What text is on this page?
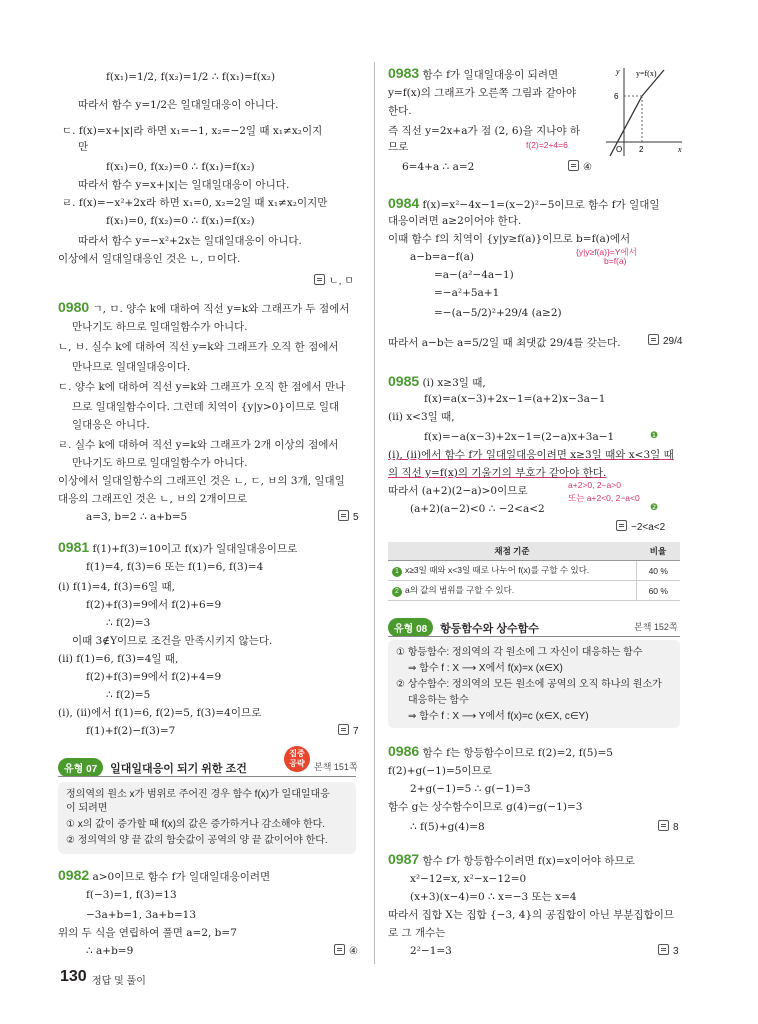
f(x₁)=1/2, f(x₂)=1/2 ∴ f(x₁)=f(x₂)
따라서 함수 y=1/2은 일대일대응이 아니다.
ㄷ. f(x)=x+|x|라 하면 x₁=−1, x₂=−2일 때 x₁≠x₂이지
만
f(x₁)=0, f(x₂)=0 ∴ f(x₁)=f(x₂)
따라서 함수 y=x+|x|는 일대일대응이 아니다.
ㄹ. f(x)=−x²+2x라 하면 x₁=0, x₂=2일 때 x₁≠x₂이지만
f(x₁)=0, f(x₂)=0 ∴ f(x₁)=f(x₂)
따라서 함수 y=−x²+2x는 일대일대응이 아니다.
이상에서 일대일대응인 것은 ㄴ, ㅁ이다.
ㄴ, ㅁ
0980 ㄱ, ㅁ. 양수 k에 대하여 직선 y=k와 그래프가 두 점에서
만나기도 하므로 일대일함수가 아니다.
ㄴ, ㅂ. 실수 k에 대하여 직선 y=k와 그래프가 오직 한 점에서
만나므로 일대일대응이다.
ㄷ. 양수 k에 대하여 직선 y=k와 그래프가 오직 한 점에서 만나
므로 일대일함수이다. 그런데 치역이 {y|y>0}이므로 일대
일대응은 아니다.
ㄹ. 실수 k에 대하여 직선 y=k와 그래프가 2개 이상의 점에서
만나기도 하므로 일대일함수가 아니다.
이상에서 일대일함수의 그래프인 것은 ㄴ, ㄷ, ㅂ의 3개, 일대일
대응의 그래프인 것은 ㄴ, ㅂ의 2개이므로
a=3, b=2 ∴ a+b=5	5
0981 f(1)+f(3)=10이고 f(x)가 일대일대응이므로
f(1)=4, f(3)=6 또는 f(1)=6, f(3)=4
(i) f(1)=4, f(3)=6일 때,
f(2)+f(3)=9에서 f(2)+6=9
∴ f(2)=3
이때 3∉Y이므로 조건을 만족시키지 않는다.
(ii) f(1)=6, f(3)=4일 때,
f(2)+f(3)=9에서 f(2)+4=9
∴ f(2)=5
(i), (ii)에서 f(1)=6, f(2)=5, f(3)=4이므로
f(1)+f(2)−f(3)=7	7
유형 07 일대일대응이 되기 위한 조건
집중
공략	본책 151쪽
정의역의 원소 x가 범위로 주어진 경우 함수 f(x)가 일대일대응
이 되려면
① x의 값이 증가할 때 f(x)의 값은 증가하거나 감소해야 한다.
② 정의역의 양 끝 값의 함숫값이 공역의 양 끝 값이어야 한다.
0982 a>0이므로 함수 f가 일대일대응이려면
f(−3)=1, f(3)=13
−3a+b=1, 3a+b=13
위의 두 식을 연립하여 풀면 a=2, b=7
∴ a+b=9	④
0983 함수 f가 일대일대응이 되려면
y=f(x)의 그래프가 오른쪽 그림과 같아야
한다.
즉 직선 y=2x+a가 점 (2, 6)을 지나야 하
므로	f(2)=2+4=6
6=4+a ∴ a=2	④
y
x
O 2
6
y=f(x)
0984 f(x)=x²−4x−1=(x−2)²−5이므로 함수 f가 일대일
대응이려면 a≥2이어야 한다.
이때 함수 f의 치역이 {y|y≥f(a)}이므로 b=f(a)에서
{y|y≥f(a)}=Y에서
b=f(a)
a−b=a−f(a)
=a−(a²−4a−1)
=−a²+5a+1
=−(a−5/2)²+29/4 (a≥2)
따라서 a−b는 a=5/2일 때 최댓값 29/4를 갖는다.	29/4
0985 (i) x≥3일 때,
f(x)=a(x−3)+2x−1=(a+2)x−3a−1
(ii) x<3일 때,
f(x)=−a(x−3)+2x−1=(2−a)x+3a−1	❶
(i), (ii)에서 함수 f가 일대일대응이려면 x≥3일 때와 x<3일 때
의 직선 y=f(x)의 기울기의 부호가 같아야 한다.
a+2>0, 2−a>0
따라서 (a+2)(2−a)>0이므로
또는 a+2<0, 2−a<0
(a+2)(a−2)<0 ∴ −2<a<2	❷
−2<a<2
채점 기준	비율
1 x≥3일 때와 x<3일 때로 나누어 f(x)를 구할 수 있다.	40 %
2 a의 값의 범위를 구할 수 있다.	60 %
유형 08 항등함수와 상수함수	본책 152쪽
① 항등함수: 정의역의 각 원소에 그 자신이 대응하는 함수
⇒ 함수 f : X ⟶ X에서 f(x)=x (x∈X)
② 상수함수: 정의역의 모든 원소에 공역의 오직 하나의 원소가
대응하는 함수
⇒ 함수 f : X ⟶ Y에서 f(x)=c (x∈X, c∈Y)
0986 함수 f는 항등함수이므로 f(2)=2, f(5)=5
f(2)+g(−1)=5이므로
2+g(−1)=5 ∴ g(−1)=3
함수 g는 상수함수이므로 g(4)=g(−1)=3
∴ f(5)+g(4)=8	8
0987 함수 f가 항등함수이려면 f(x)=x이어야 하므로
x²−12=x, x²−x−12=0
(x+3)(x−4)=0 ∴ x=−3 또는 x=4
따라서 집합 X는 집합 {−3, 4}의 공집합이 아닌 부분집합이므
로 그 개수는
2²−1=3	3
130 정답 및 풀이
